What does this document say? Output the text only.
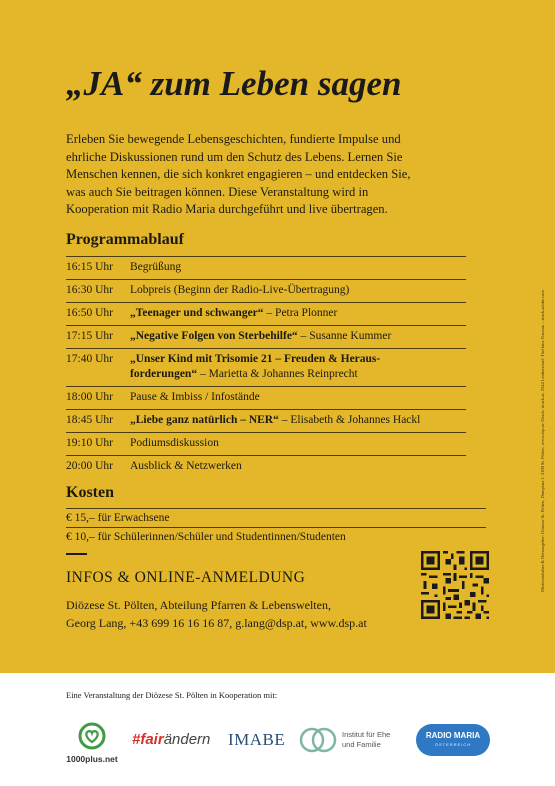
„JA“ zum Leben sagen
Erleben Sie bewegende Lebensgeschichten, fundierte Impulse und
ehrliche Diskussionen rund um den Schutz des Lebens. Lernen Sie
Menschen kennen, die sich konkret engagieren – und entdecken Sie,
was auch Sie beitragen können. Diese Veranstaltung wird in
Kooperation mit Radio Maria durchgeführt und live übertragen.
Programmablauf
16:15 Uhr	Begrüßung
16:30 Uhr	Lobpreis (Beginn der Radio-Live-Übertragung)
16:50 Uhr	„Teenager und schwanger“ – Petra Plonner
17:15 Uhr	„Negative Folgen von Sterbehilfe“ – Susanne Kummer
17:40 Uhr	„Unser Kind mit Trisomie 21 – Freuden & Heraus-
forderungen“ – Marietta & Johannes Reinprecht
18:00 Uhr	Pause & Imbiss / Infostände
18:45 Uhr	„Liebe ganz natürlich – NER“ – Elisabeth & Johannes Hackl
19:10 Uhr	Podiumsdiskussion
20:00 Uhr	Ausblick & Netzwerken
Kosten
€ 15,– für Erwachsene
€ 10,– für Schülerinnen/Schüler und Studentinnen/Studenten
INFOS & ONLINE-ANMELDUNG
Diözese St. Pölten, Abteilung Pfarren & Lebenswelten,
Georg Lang, +43 699 16 16 16 87, g.lang@dsp.at, www.dsp.at
Medieninhaber & Herausgeber: Diözese St. Pölten, Domplatz 1, 3100 St. Pölten, www.dsp.at; Druck: druck.at, 2544 Leobersdorf; Titelfoto: Kzenon – stock.adobe.com
Eine Veranstaltung der Diözese St. Pölten in Kooperation mit:
1000plus.net
#fairändern IMABE	Institut für Ehe
und Familie
RADIO MARIA
ÖSTERREICH
